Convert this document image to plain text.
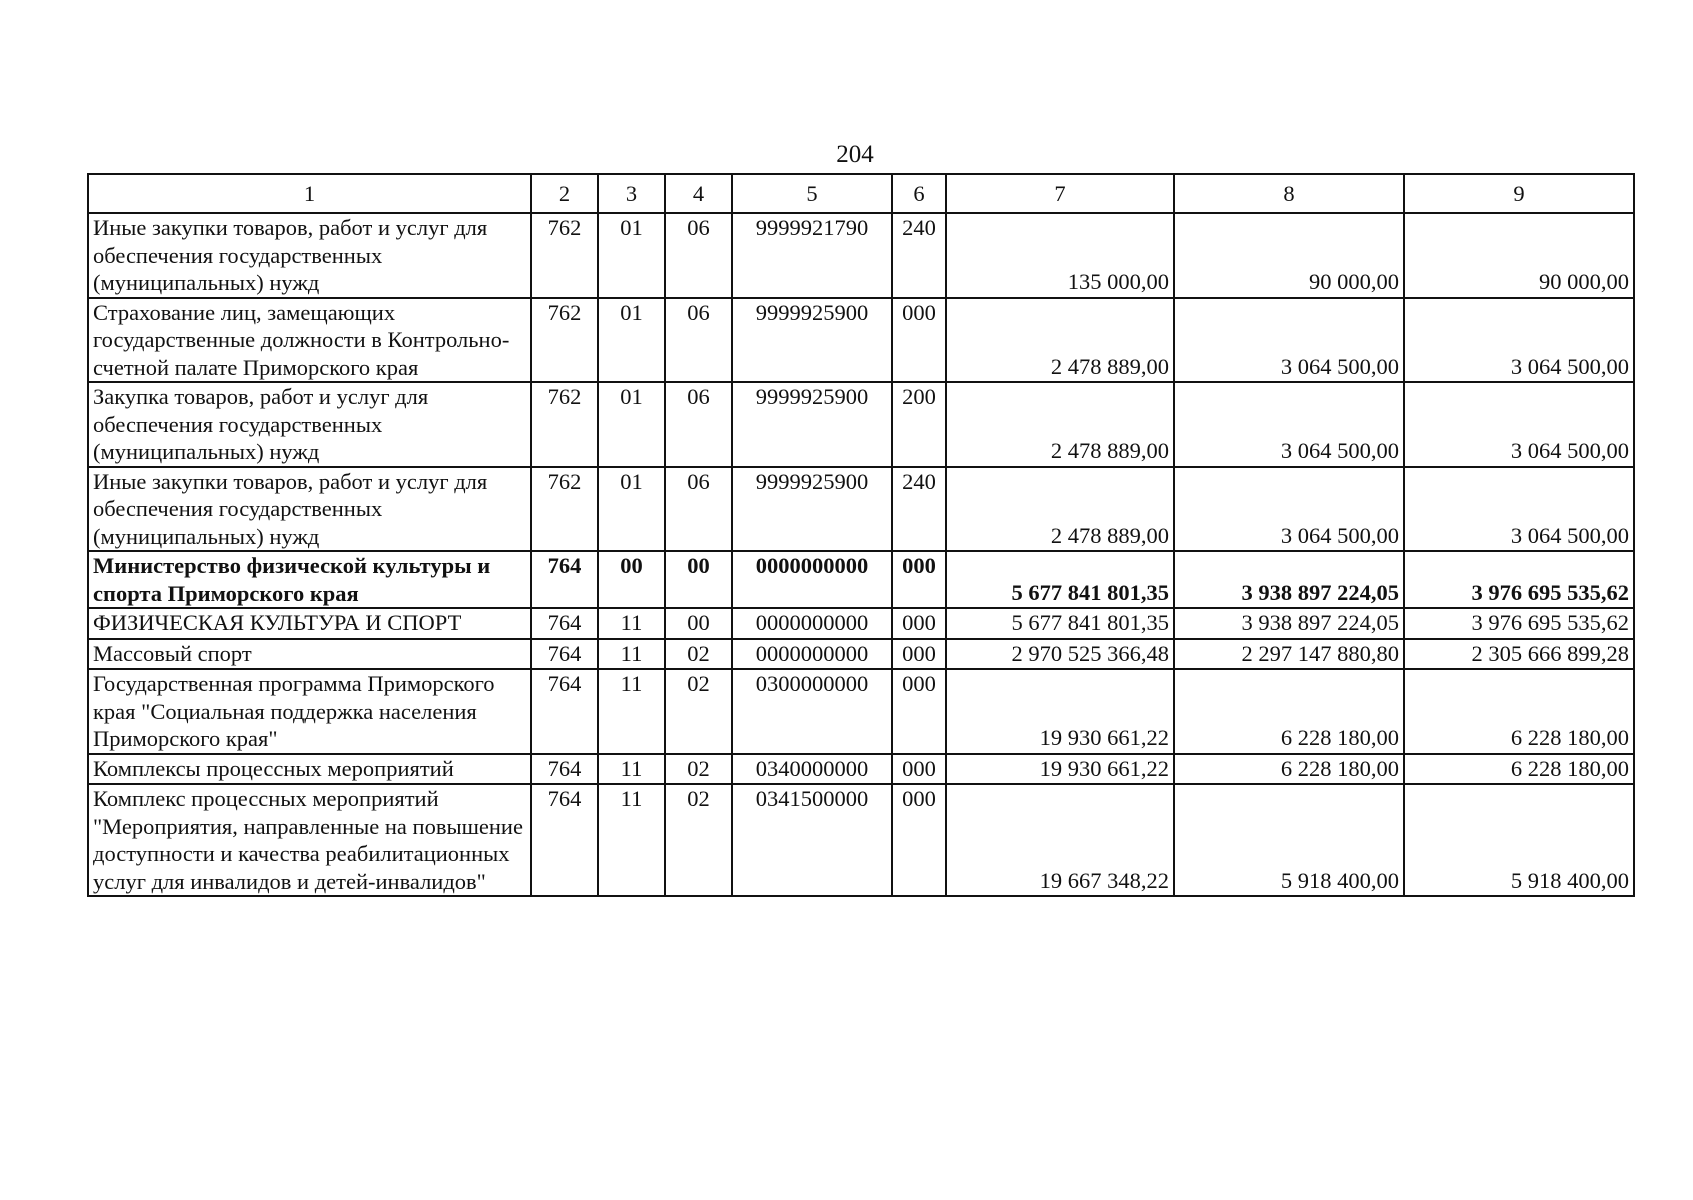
204
1	2	3	4	5	6	7	8	9
Иные закупки товаров, работ и услуг для обеспечения государственных (муниципальных) нужд	762	01	06	9999921790	240	135 000,00	90 000,00	90 000,00
Страхование лиц, замещающих государственные должности в Контрольно-счетной палате Приморского края	762	01	06	9999925900	000	2 478 889,00	3 064 500,00	3 064 500,00
Закупка товаров, работ и услуг для обеспечения государственных (муниципальных) нужд	762	01	06	9999925900	200	2 478 889,00	3 064 500,00	3 064 500,00
Иные закупки товаров, работ и услуг для обеспечения государственных (муниципальных) нужд	762	01	06	9999925900	240	2 478 889,00	3 064 500,00	3 064 500,00
Министерство физической культуры и спорта Приморского края	764	00	00	0000000000	000	5 677 841 801,35	3 938 897 224,05	3 976 695 535,62
ФИЗИЧЕСКАЯ КУЛЬТУРА И СПОРТ	764	11	00	0000000000	000	5 677 841 801,35	3 938 897 224,05	3 976 695 535,62
Массовый спорт	764	11	02	0000000000	000	2 970 525 366,48	2 297 147 880,80	2 305 666 899,28
Государственная программа Приморского края "Социальная поддержка населения Приморского края"	764	11	02	0300000000	000	19 930 661,22	6 228 180,00	6 228 180,00
Комплексы процессных мероприятий	764	11	02	0340000000	000	19 930 661,22	6 228 180,00	6 228 180,00
Комплекс процессных мероприятий "Мероприятия, направленные на повышение доступности и качества реабилитационных услуг для инвалидов и детей-инвалидов"	764	11	02	0341500000	000	19 667 348,22	5 918 400,00	5 918 400,00
